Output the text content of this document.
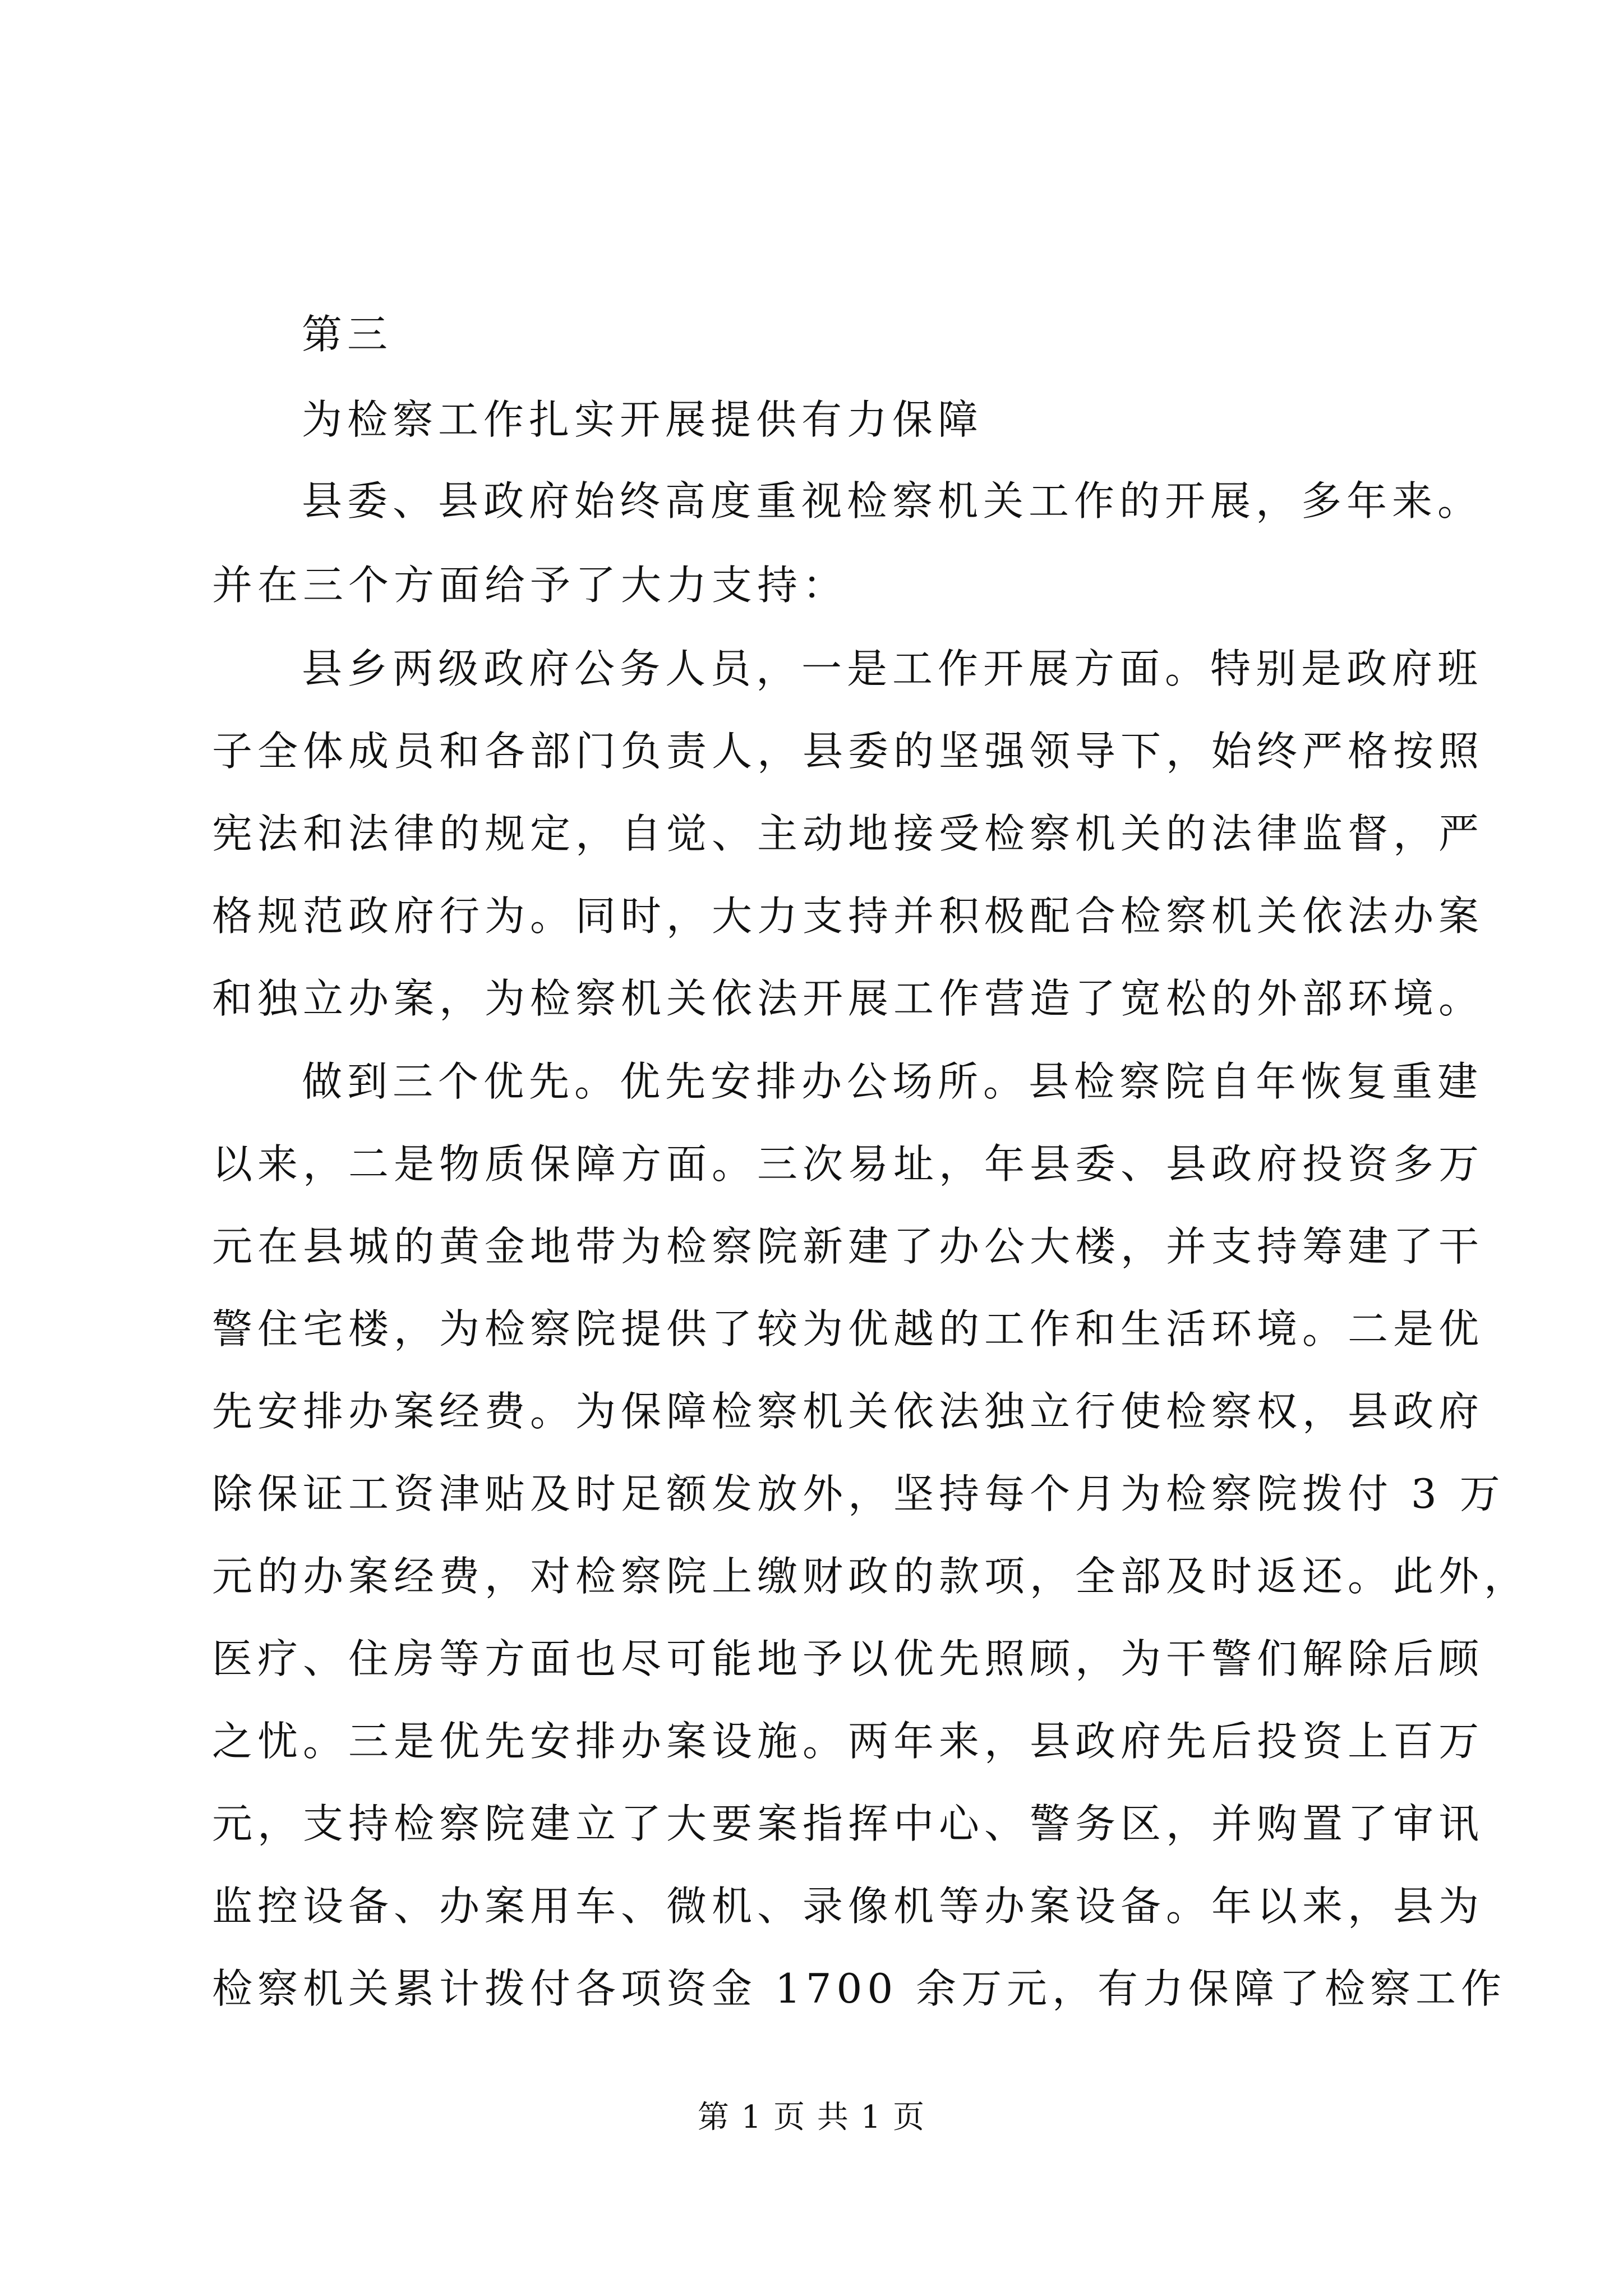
第三
为检察工作扎实开展提供有力保障
县委、县政府始终高度重视检察机关工作的开展，多年来。
并在三个方面给予了大力支持：
县乡两级政府公务人员，一是工作开展方面。特别是政府班
子全体成员和各部门负责人，县委的坚强领导下，始终严格按照
宪法和法律的规定，自觉、主动地接受检察机关的法律监督，严
格规范政府行为。同时，大力支持并积极配合检察机关依法办案
和独立办案，为检察机关依法开展工作营造了宽松的外部环境。
做到三个优先。优先安排办公场所。县检察院自年恢复重建
以来，二是物质保障方面。三次易址，年县委、县政府投资多万
元在县城的黄金地带为检察院新建了办公大楼，并支持筹建了干
警住宅楼，为检察院提供了较为优越的工作和生活环境。二是优
先安排办案经费。为保障检察机关依法独立行使检察权，县政府
除保证工资津贴及时足额发放外，坚持每个月为检察院拨付 3 万
元的办案经费，对检察院上缴财政的款项，全部及时返还。此外，
医疗、住房等方面也尽可能地予以优先照顾，为干警们解除后顾
之忧。三是优先安排办案设施。两年来，县政府先后投资上百万
元，支持检察院建立了大要案指挥中心、警务区，并购置了审讯
监控设备、办案用车、微机、录像机等办案设备。年以来，县为
检察机关累计拨付各项资金 1700 余万元，有力保障了检察工作
第 1 页 共 1 页
